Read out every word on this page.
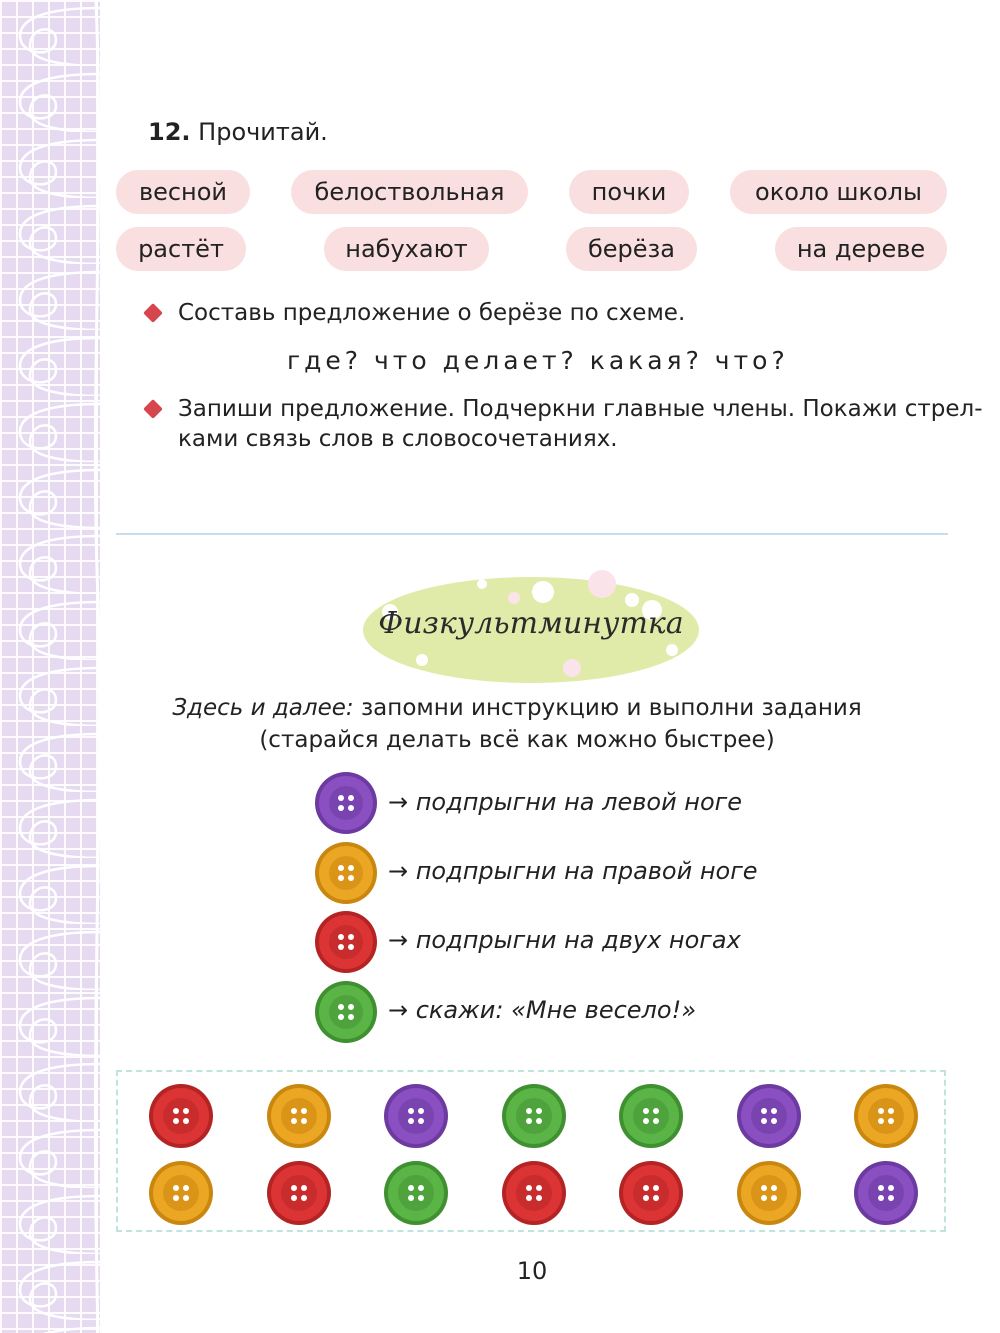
12. Прочитай.
весной	белоствольная	почки	около школы
растёт	набухают	берёза	на дереве
Составь предложение о берёзе по схеме.
где? что делает? какая? что?
Запиши предложение. Подчеркни главные члены. Покажи стрел-
ками связь слов в словосочетаниях.
Физкультминутка
Здесь и далее: запомни инструкцию и выполни задания
(старайся делать всё как можно быстрее)
→ подпрыгни на левой ноге
→ подпрыгни на правой ноге
→ подпрыгни на двух ногах
→ скажи: «Мне весело!»
10
